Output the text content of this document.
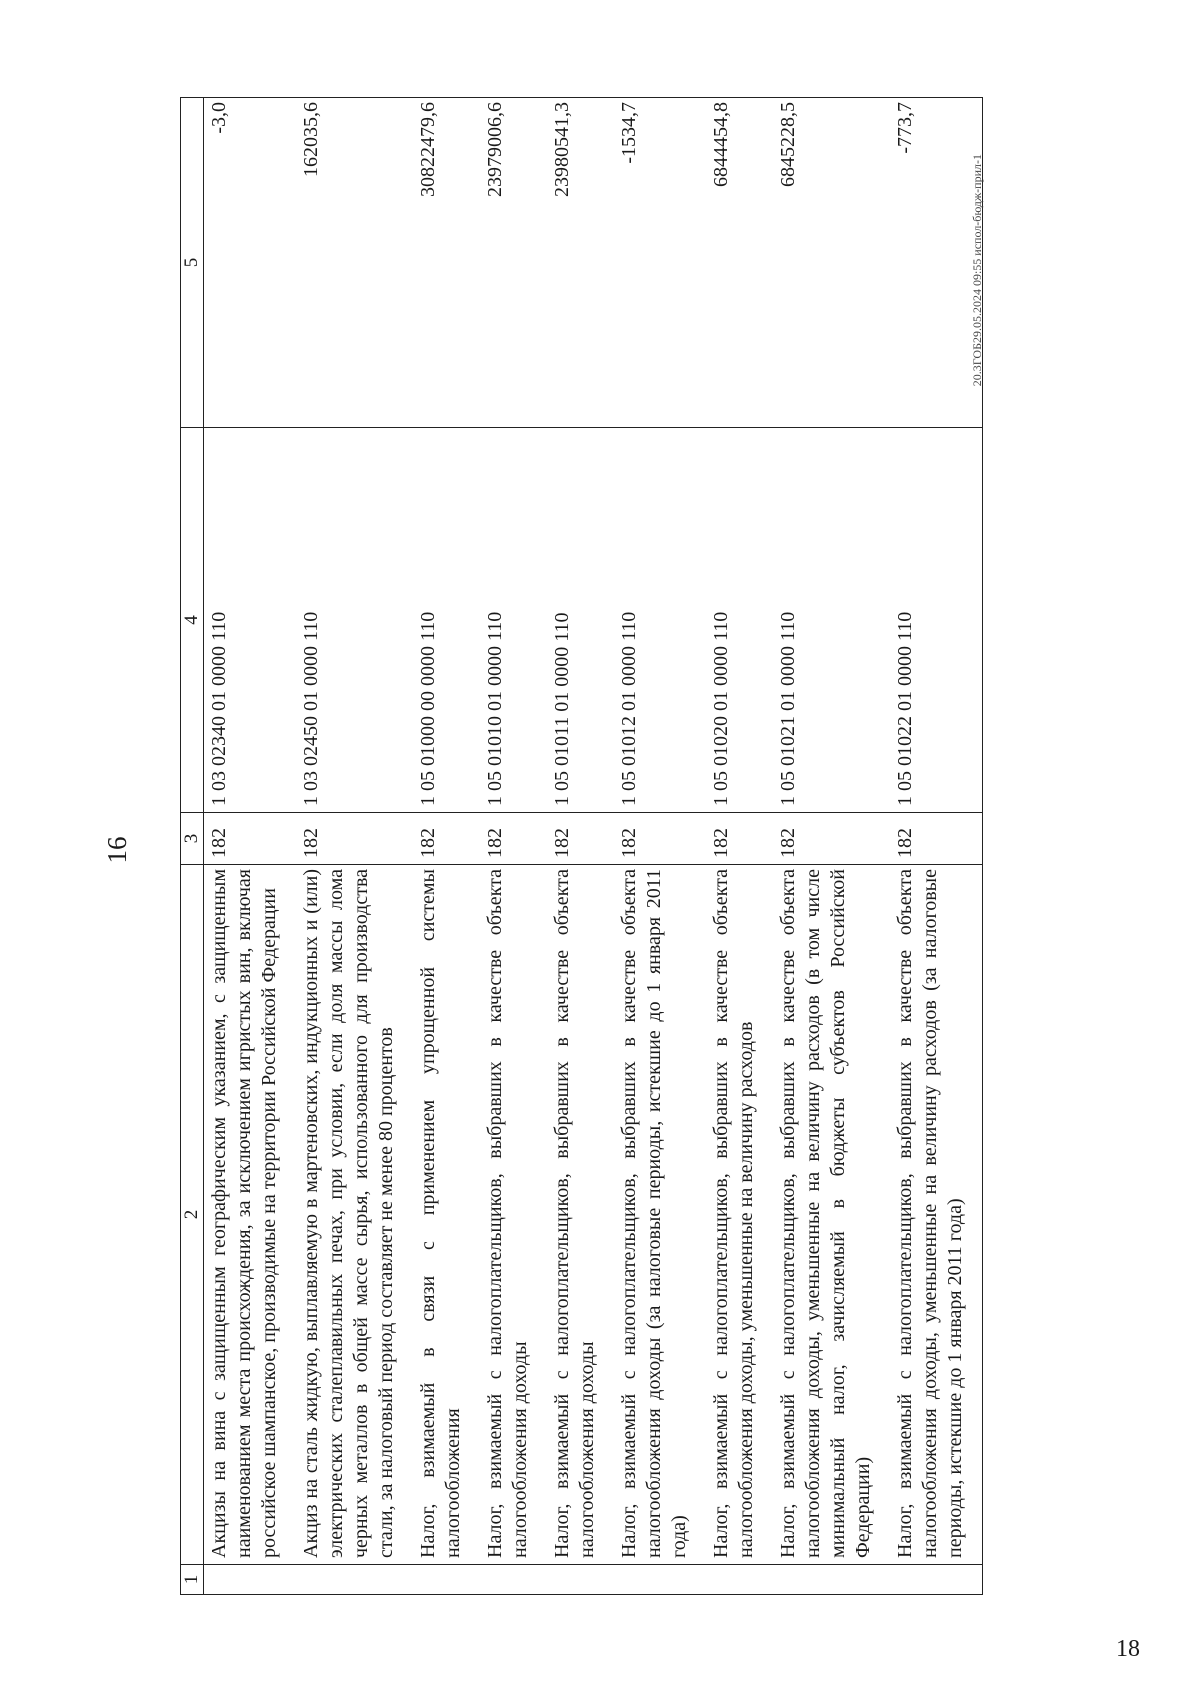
16
1	2	3	4	5
	Акцизы на вина с защищенным географическим указанием, с защищенным наименованием места происхождения, за исключением игристых вин, включая российское шампанское, производимые на территории Российской Федерации	182	1 03 02340 01 0000 110	-3,0
	Акциз на сталь жидкую, выплавляемую в мартеновских, индукционных и (или) электрических сталеплавильных печах, при условии, если доля массы лома черных металлов в общей массе сырья, использованного для производства стали, за налоговый период составляет не менее 80 процентов	182	1 03 02450 01 0000 110	162035,6
	Налог, взимаемый в связи с применением упрощенной системы налогообложения	182	1 05 01000 00 0000 110	30822479,6
	Налог, взимаемый с налогоплательщиков, выбравших в качестве объекта налогообложения доходы	182	1 05 01010 01 0000 110	23979006,6
	Налог, взимаемый с налогоплательщиков, выбравших в качестве объекта налогообложения доходы	182	1 05 01011 01 0000 110	23980541,3
	Налог, взимаемый с налогоплательщиков, выбравших в качестве объекта налогообложения доходы (за налоговые периоды, истекшие до 1 января 2011 года)	182	1 05 01012 01 0000 110	-1534,7
	Налог, взимаемый с налогоплательщиков, выбравших в качестве объекта налогообложения доходы, уменьшенные на величину расходов	182	1 05 01020 01 0000 110	6844454,8
	Налог, взимаемый с налогоплательщиков, выбравших в качестве объекта налогообложения доходы, уменьшенные на величину расходов (в том числе минимальный налог, зачисляемый в бюджеты субъектов Российской Федерации)	182	1 05 01021 01 0000 110	6845228,5
	Налог, взимаемый с налогоплательщиков, выбравших в качестве объекта налогообложения доходы, уменьшенные на величину расходов (за налоговые периоды, истекшие до 1 января 2011 года)	182	1 05 01022 01 0000 110	-773,7
20.3ГОБ29.05.2024 09:55 испол-бюдж-прил-1
18
